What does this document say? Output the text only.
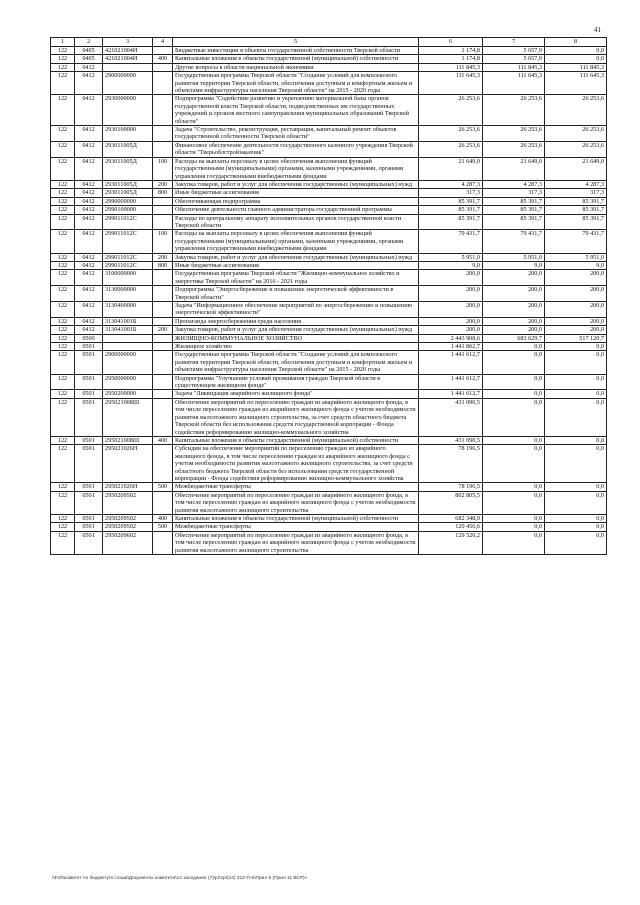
41
1	2	3	4	5	6	7	8
122	0405	421021004И		Бюджетные инвестиции в объекты государственной собственности Тверской области	1 174,8	5 657,9	0,0
122	0405	421021004И	400	Капитальные вложения в объекты государственной (муниципальной) собственности	1 174,8	5 657,9	0,0
122	0412			Другие вопросы в области национальной экономики	111 845,3	111 845,3	111 845,3
122	0412	2900000000		Государственная программа Тверской области "Создание условий для комплексного развития территории Тверской области, обеспечения доступным и комфортным жильем и объектами инфраструктуры населения Тверской области" на 2015 - 2020 годы	111 645,3	111 645,3	111 645,3
122	0412	2930000000		Подпрограмма "Содействие развитию и укреплению материальной базы органов государственной власти Тверской области, подведомственных им государственных учреждений и органов местного самоуправления муниципальных образований Тверской области"	26 253,6	26 253,6	26 253,6
122	0412	2930100000		Задача "Строительство, реконструкция, реставрация, капитальный ремонт объектов государственной собственности Тверской области"	26 253,6	26 253,6	26 253,6
122	0412	293011005Д		Финансовое обеспечение деятельности государственного казенного учреждения Тверской области "Тверьоблстройзаказчик"	26 253,6	26 253,6	26 253,6
122	0412	293011005Д	100	Расходы на выплаты персоналу в целях обеспечения выполнения функций государственными (муниципальными) органами, казенными учреждениями, органами управления государственными внебюджетными фондами	21 649,0	21 649,0	21 649,0
122	0412	293011005Д	200	Закупка товаров, работ и услуг для обеспечения государственных (муниципальных) нужд	4 287,3	4 287,3	4 287,3
122	0412	293011005Д	800	Иные бюджетные ассигнования	317,3	317,3	317,3
122	0412	2990000000		Обеспечивающая подпрограмма	85 391,7	85 391,7	85 391,7
122	0412	2990100000		Обеспечение деятельности главного администратора государственной программы	85 391,7	85 391,7	85 391,7
122	0412	299011012С		Расходы по центральному аппарату исполнительных органов государственной власти Тверской области	85 391,7	85 391,7	85 391,7
122	0412	299011012С	100	Расходы на выплаты персоналу в целях обеспечения выполнения функций государственными (муниципальными) органами, казенными учреждениями, органами управления государственными внебюджетными фондами	79 431,7	79 431,7	79 431,7
122	0412	299011012С	200	Закупка товаров, работ и услуг для обеспечения государственных (муниципальных) нужд	5 951,0	5 951,0	5 951,0
122	0412	299011012С	800	Иные бюджетные ассигнования	9,0	9,0	9,0
122	0412	3100000000		Государственная программа Тверской области "Жилищно-коммунальное хозяйство и энергетика Тверской области" на 2016 - 2021 годы	200,0	200,0	200,0
122	0412	3130000000		Подпрограмма "Энергосбережение и повышение энергетической эффективности в Тверской области"	200,0	200,0	200,0
122	0412	3130400000		Задача "Информационное обеспечение мероприятий по энергосбережению и повышению энергетической эффективности"	200,0	200,0	200,0
122	0412	313041001Б		Пропаганда энергосбережения среди населения	200,0	200,0	200,0
122	0412	313041001Б	200	Закупка товаров, работ и услуг для обеспечения государственных (муниципальных) нужд	200,0	200,0	200,0
122	0500			ЖИЛИЩНО-КОММУНАЛЬНОЕ ХОЗЯЙСТВО	2 443 908,6	683 629,7	517 120,7
122	0501			Жилищное хозяйство	1 441 862,7	0,0	0,0
122	0501	2900000000		Государственная программа Тверской области "Создание условий для комплексного развития территории Тверской области, обеспечения доступным и комфортным жильем и объектами инфраструктуры населения Тверской области" на 2015 - 2020 годы	1 441 612,7	0,0	0,0
122	0501	2950000000		Подпрограмма "Улучшение условий проживания граждан Тверской области в существующем жилищном фонде"	1 441 612,7	0,0	0,0
122	0501	2950200000		Задача "Ликвидация аварийного жилищного фонда"	1 441 612,7	0,0	0,0
122	0501	295021008Ш		Обеспечение мероприятий по переселению граждан из аварийного жилищного фонда, в том числе переселению граждан из аварийного жилищного фонда с учетом необходимости развития малоэтажного жилищного строительства, за счет средств областного бюджета Тверской области без использования средств государственной корпорации - Фонда содействия реформированию жилищно-коммунального хозяйства	431 090,5	0,0	0,0
122	0501	295021008Ш	400	Капитальные вложения в объекты государственной (муниципальной) собственности	431 090,5	0,0	0,0
122	0501	295021026Н		Субсидии на обеспечение мероприятий по переселению граждан из аварийного жилищного фонда, в том числе переселению граждан из аварийного жилищного фонда с учетом необходимости развития малоэтажного жилищного строительства, за счет средств областного бюджета Тверской области без использования средств государственной корпорации - Фонда содействия реформированию жилищно-коммунального хозяйства	78 196,5	0,0	0,0
122	0501	295021026Н	500	Межбюджетные трансферты	78 196,5	0,0	0,0
122	0501	2950209502		Обеспечение мероприятий по переселению граждан из аварийного жилищного фонда, в том числе переселению граждан из аварийного жилищного фонда с учетом необходимости развития малоэтажного жилищного строительства	802 805,5	0,0	0,0
122	0501	2950209502	400	Капитальные вложения в объекты государственной (муниципальной) собственности	682 348,9	0,0	0,0
122	0501	2950209502	500	Межбюджетные трансферты	120 456,6	0,0	0,0
122	0501	2950209602		Обеспечение мероприятий по переселению граждан из аварийного жилищного фонда, в том числе переселению граждан из аварийного жилищного фонда с учетом необходимости развития малоэтажного жилищного строительства	129 520,2	0,0	0,0
\\Fs0\комитет по бюджету\4 созыв\Документы комитета\14 заседание (7)\pr\zp\(14) 312-П-6\Прил 5 (Прил 11 ВСР)»
